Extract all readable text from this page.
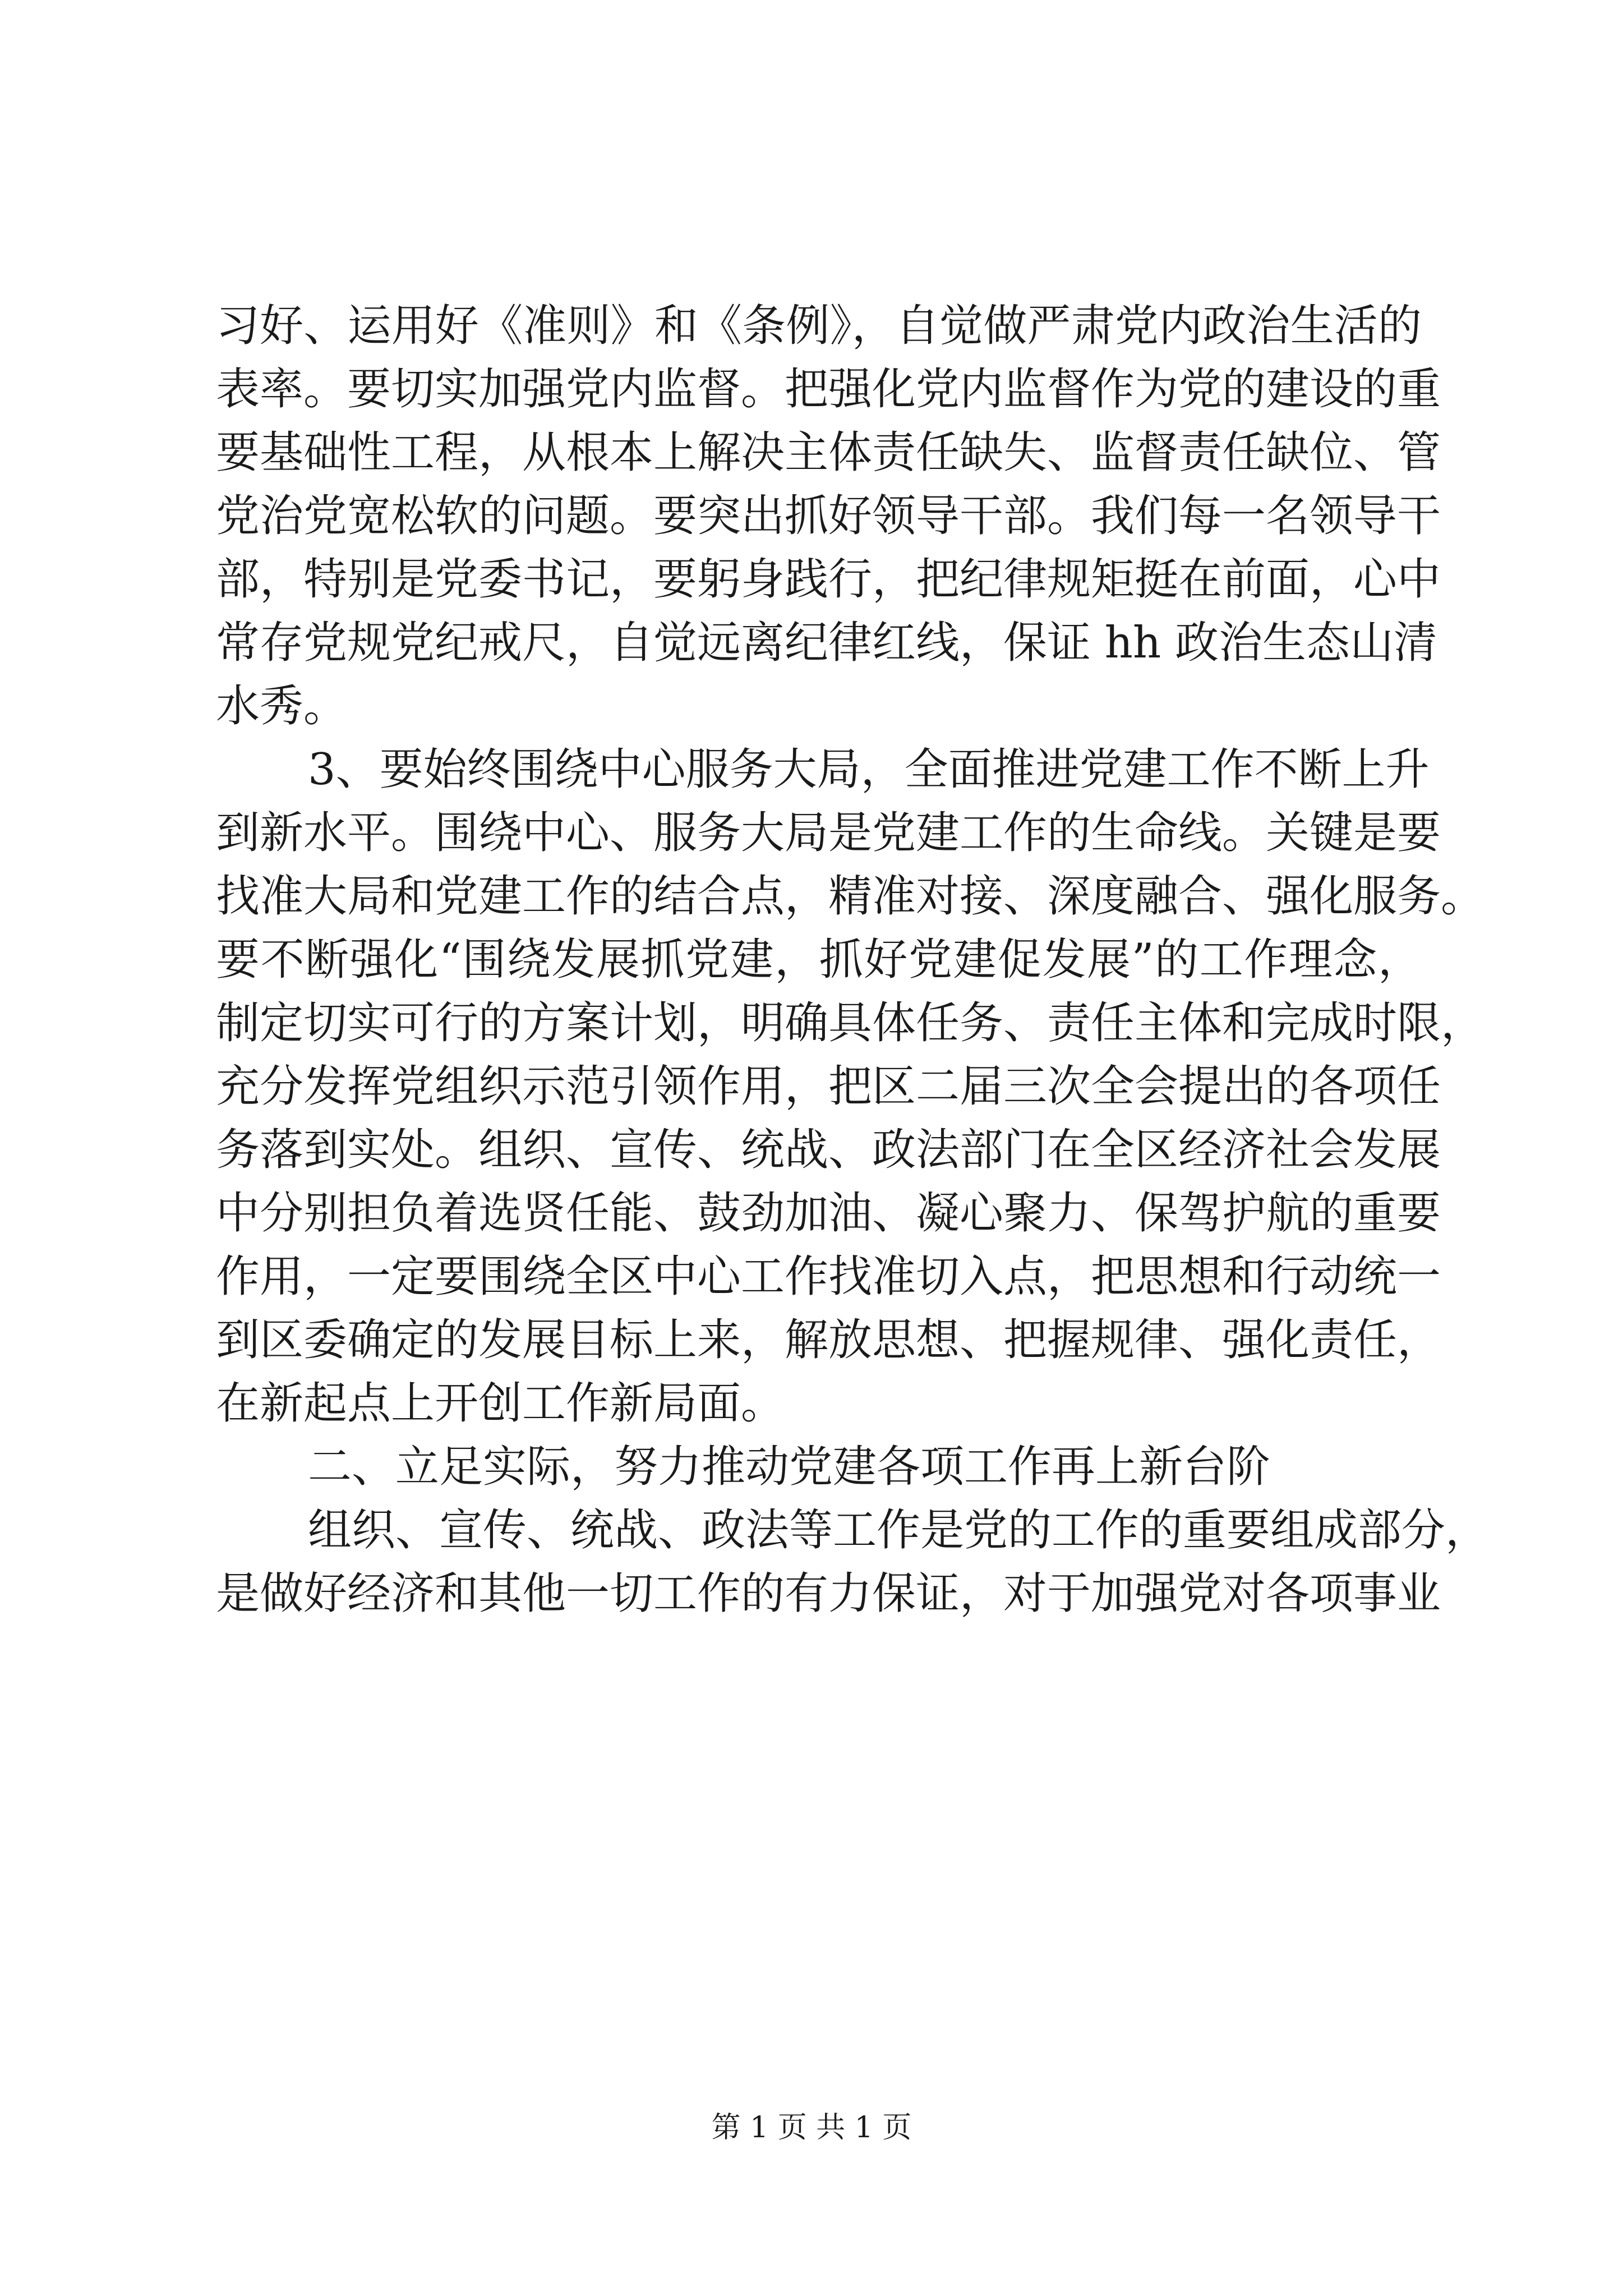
习好、运用好《准则》和《条例》，自觉做严肃党内政治生活的
表率。要切实加强党内监督。把强化党内监督作为党的建设的重
要基础性工程，从根本上解决主体责任缺失、监督责任缺位、管
党治党宽松软的问题。要突出抓好领导干部。我们每一名领导干
部，特别是党委书记，要躬身践行，把纪律规矩挺在前面，心中
常存党规党纪戒尺，自觉远离纪律红线，保证 hh 政治生态山清
水秀。
3、要始终围绕中心服务大局，全面推进党建工作不断上升
到新水平。围绕中心、服务大局是党建工作的生命线。关键是要
找准大局和党建工作的结合点，精准对接、深度融合、强化服务。
要不断强化“围绕发展抓党建，抓好党建促发展”的工作理念，
制定切实可行的方案计划，明确具体任务、责任主体和完成时限，
充分发挥党组织示范引领作用，把区二届三次全会提出的各项任
务落到实处。组织、宣传、统战、政法部门在全区经济社会发展
中分别担负着选贤任能、鼓劲加油、凝心聚力、保驾护航的重要
作用，一定要围绕全区中心工作找准切入点，把思想和行动统一
到区委确定的发展目标上来，解放思想、把握规律、强化责任，
在新起点上开创工作新局面。
二、立足实际，努力推动党建各项工作再上新台阶
组织、宣传、统战、政法等工作是党的工作的重要组成部分，
是做好经济和其他一切工作的有力保证，对于加强党对各项事业
第 1 页 共 1 页
